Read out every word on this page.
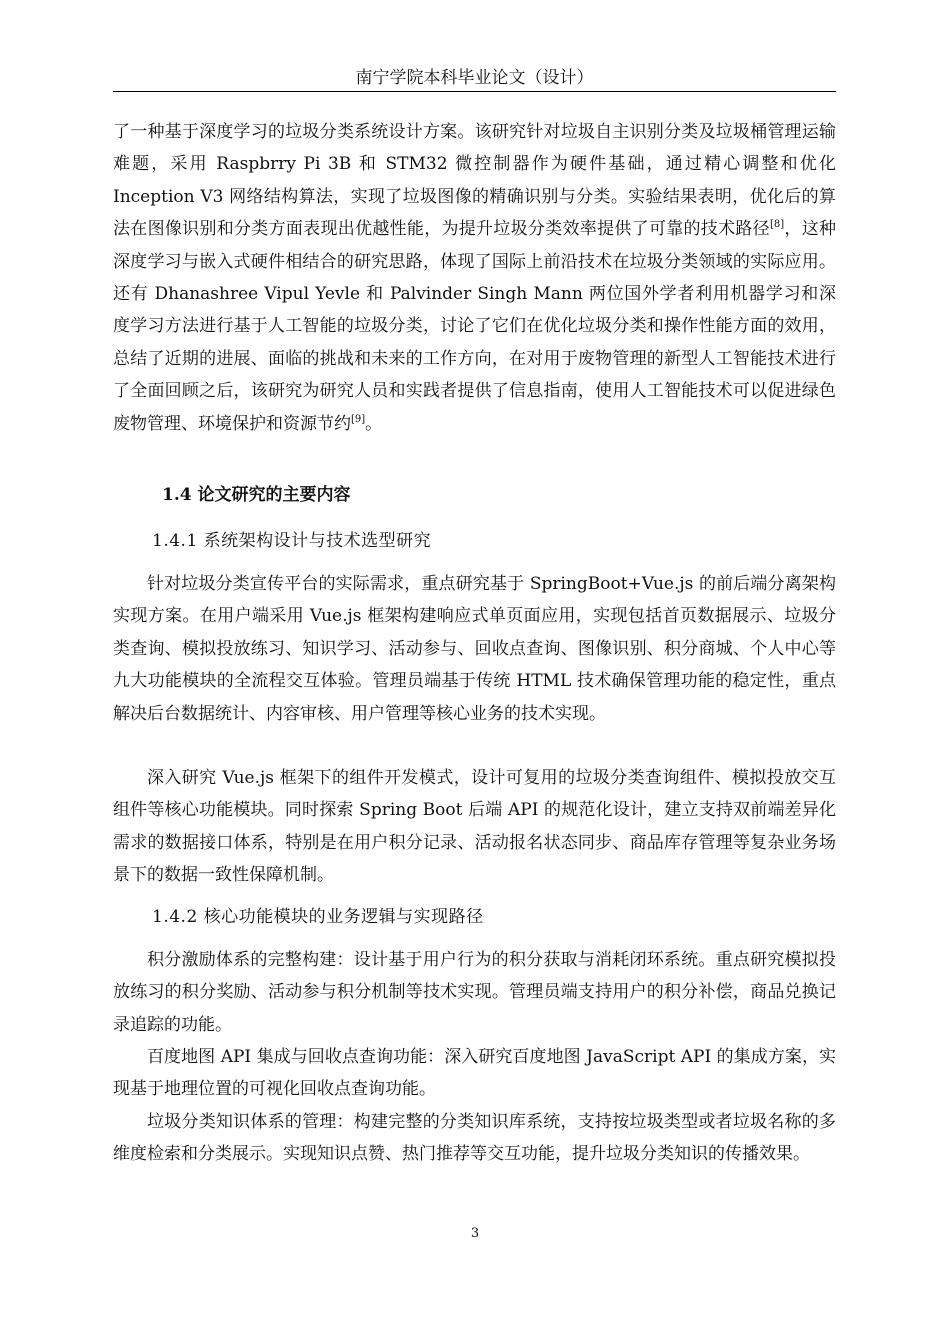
南宁学院本科毕业论文（设计）

了一种基于深度学习的垃圾分类系统设计方案。该研究针对垃圾自主识别分类及垃圾桶管理运输难题，采用 Raspbrry Pi 3B 和 STM32 微控制器作为硬件基础，通过精心调整和优化 Inception V3 网络结构算法，实现了垃圾图像的精确识别与分类。实验结果表明，优化后的算法在图像识别和分类方面表现出优越性能，为提升垃圾分类效率提供了可靠的技术路径[8]，这种深度学习与嵌入式硬件相结合的研究思路，体现了国际上前沿技术在垃圾分类领域的实际应用。还有 Dhanashree Vipul Yevle 和 Palvinder Singh Mann 两位国外学者利用机器学习和深度学习方法进行基于人工智能的垃圾分类，讨论了它们在优化垃圾分类和操作性能方面的效用，总结了近期的进展、面临的挑战和未来的工作方向，在对用于废物管理的新型人工智能技术进行了全面回顾之后，该研究为研究人员和实践者提供了信息指南，使用人工智能技术可以促进绿色废物管理、环境保护和资源节约[9]。

1.4 论文研究的主要内容
1.4.1 系统架构设计与技术选型研究

针对垃圾分类宣传平台的实际需求，重点研究基于 SpringBoot+Vue.js 的前后端分离架构实现方案。在用户端采用 Vue.js 框架构建响应式单页面应用，实现包括首页数据展示、垃圾分类查询、模拟投放练习、知识学习、活动参与、回收点查询、图像识别、积分商城、个人中心等九大功能模块的全流程交互体验。管理员端基于传统 HTML 技术确保管理功能的稳定性，重点解决后台数据统计、内容审核、用户管理等核心业务的技术实现。

深入研究 Vue.js 框架下的组件开发模式，设计可复用的垃圾分类查询组件、模拟投放交互组件等核心功能模块。同时探索 Spring Boot 后端 API 的规范化设计，建立支持双前端差异化需求的数据接口体系，特别是在用户积分记录、活动报名状态同步、商品库存管理等复杂业务场景下的数据一致性保障机制。

1.4.2 核心功能模块的业务逻辑与实现路径

积分激励体系的完整构建：设计基于用户行为的积分获取与消耗闭环系统。重点研究模拟投放练习的积分奖励、活动参与积分机制等技术实现。管理员端支持用户的积分补偿，商品兑换记录追踪的功能。

百度地图 API 集成与回收点查询功能：深入研究百度地图 JavaScript API 的集成方案，实现基于地理位置的可视化回收点查询功能。

垃圾分类知识体系的管理：构建完整的分类知识库系统，支持按垃圾类型或者垃圾名称的多维度检索和分类展示。实现知识点赞、热门推荐等交互功能，提升垃圾分类知识的传播效果。

3
